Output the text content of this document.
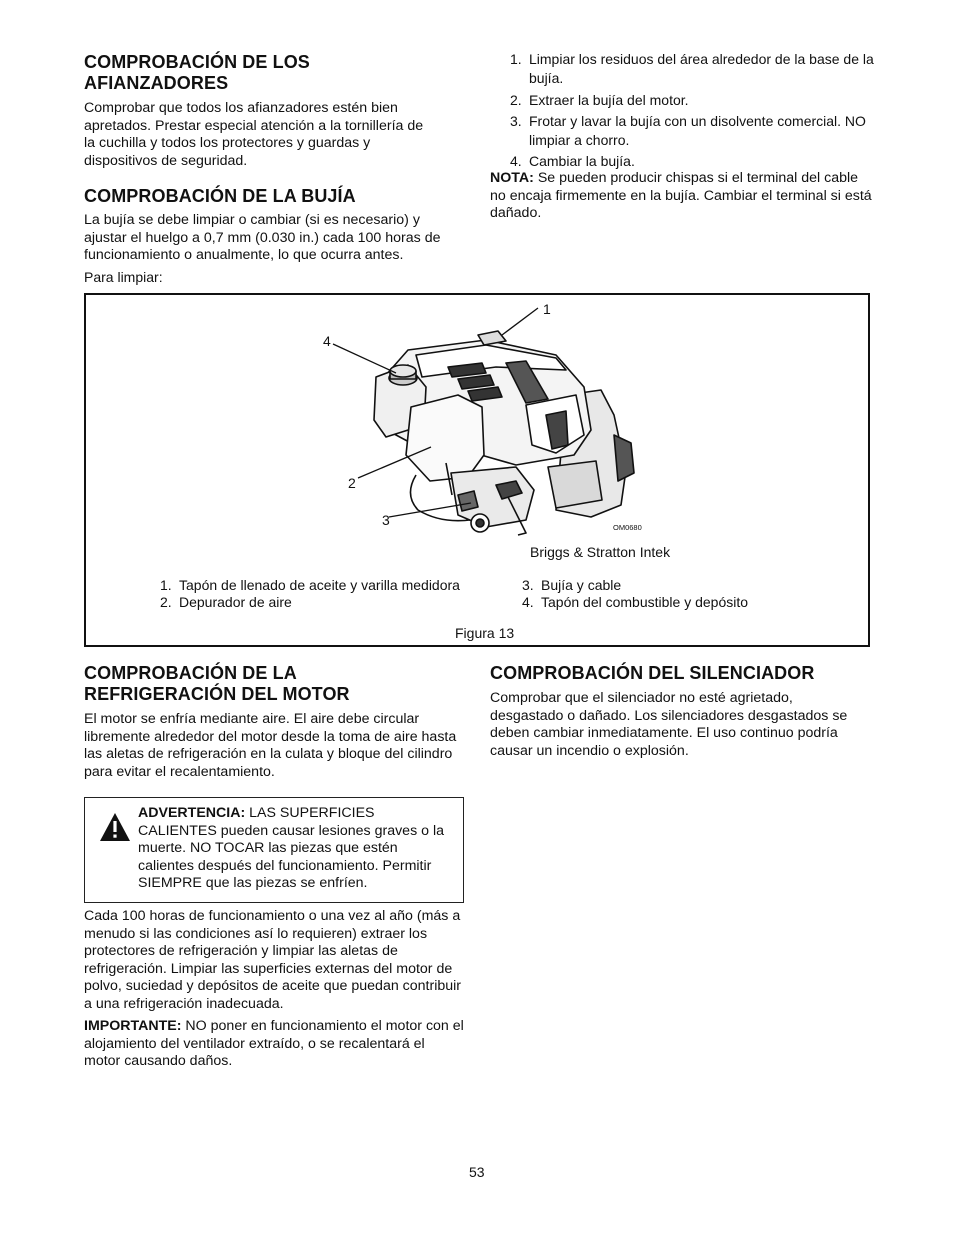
COMPROBACIÓN DE LOS AFIANZADORES

Comprobar que todos los afianzadores estén bien apretados. Prestar especial atención a la tornillería de la cuchilla y todos los protectores y guardas y dispositivos de seguridad.

COMPROBACIÓN DE LA BUJÍA

La bujía se debe limpiar o cambiar (si es necesario) y ajustar el huelgo a 0,7 mm (0.030 in.) cada 100 horas de funcionamiento o anualmente, lo que ocurra antes.

Para limpiar:

1. Limpiar los residuos del área alrededor de la base de la bujía.
2. Extraer la bujía del motor.
3. Frotar y lavar la bujía con un disolvente comercial. NO limpiar a chorro.
4. Cambiar la bujía.

NOTA: Se pueden producir chispas si el terminal del cable no encaja firmemente en la bujía. Cambiar el terminal si está dañado.

1
4
2
3	OM0680
Briggs & Stratton Intek
1. Tapón de llenado de aceite y varilla medidora
2. Depurador de aire
3. Bujía y cable
4. Tapón del combustible y depósito
Figura 13
COMPROBACIÓN DE LA
REFRIGERACIÓN DEL MOTOR

El motor se enfría mediante aire. El aire debe circular libremente alrededor del motor desde la toma de aire hasta las aletas de refrigeración en la culata y bloque del cilindro para evitar el recalentamiento.

ADVERTENCIA: LAS SUPERFICIES CALIENTES pueden causar lesiones graves o la muerte. NO TOCAR las piezas que estén calientes después del funcionamiento. Permitir SIEMPRE que las piezas se enfríen.

Cada 100 horas de funcionamiento o una vez al año (más a menudo si las condiciones así lo requieren) extraer los protectores de refrigeración y limpiar las aletas de refrigeración. Limpiar las superficies externas del motor de polvo, suciedad y depósitos de aceite que puedan contribuir a una refrigeración inadecuada.

IMPORTANTE: NO poner en funcionamiento el motor con el alojamiento del ventilador extraído, o se recalentará el motor causando daños.

COMPROBACIÓN DEL SILENCIADOR

Comprobar que el silenciador no esté agrietado, desgastado o dañado. Los silenciadores desgastados se deben cambiar inmediatamente. El uso continuo podría causar un incendio o explosión.

53
